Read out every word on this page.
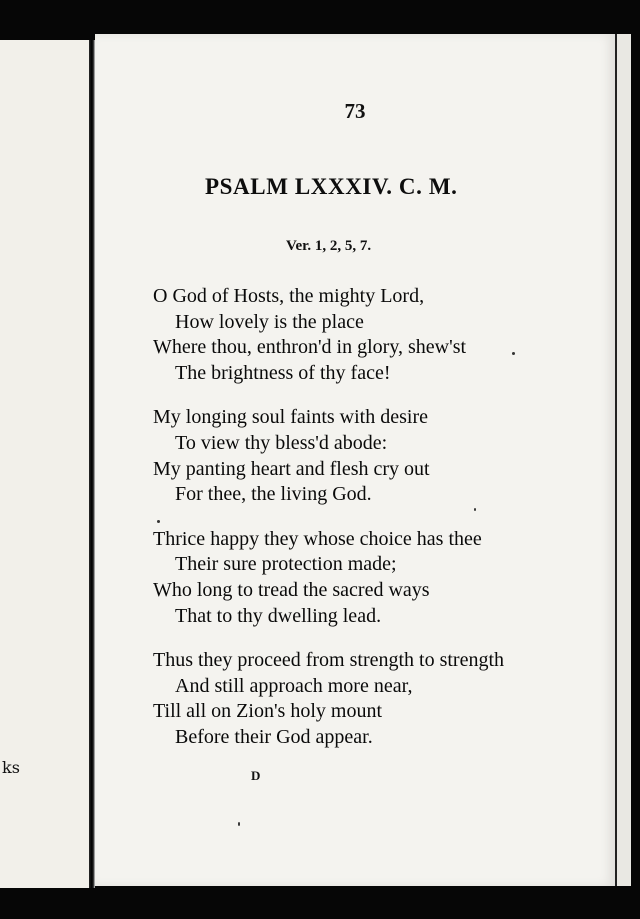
ks
73
PSALM LXXXIV. C. M.
Ver. 1, 2, 5, 7.
O God of Hosts, the mighty Lord,
How lovely is the place
Where thou, enthron'd in glory, shew'st
The brightness of thy face!
My longing soul faints with desire
To view thy bless'd abode:
My panting heart and flesh cry out
For thee, the living God.
Thrice happy they whose choice has thee
Their sure protection made;
Who long to tread the sacred ways
That to thy dwelling lead.
Thus they proceed from strength to strength
And still approach more near,
Till all on Zion's holy mount
Before their God appear.
D
